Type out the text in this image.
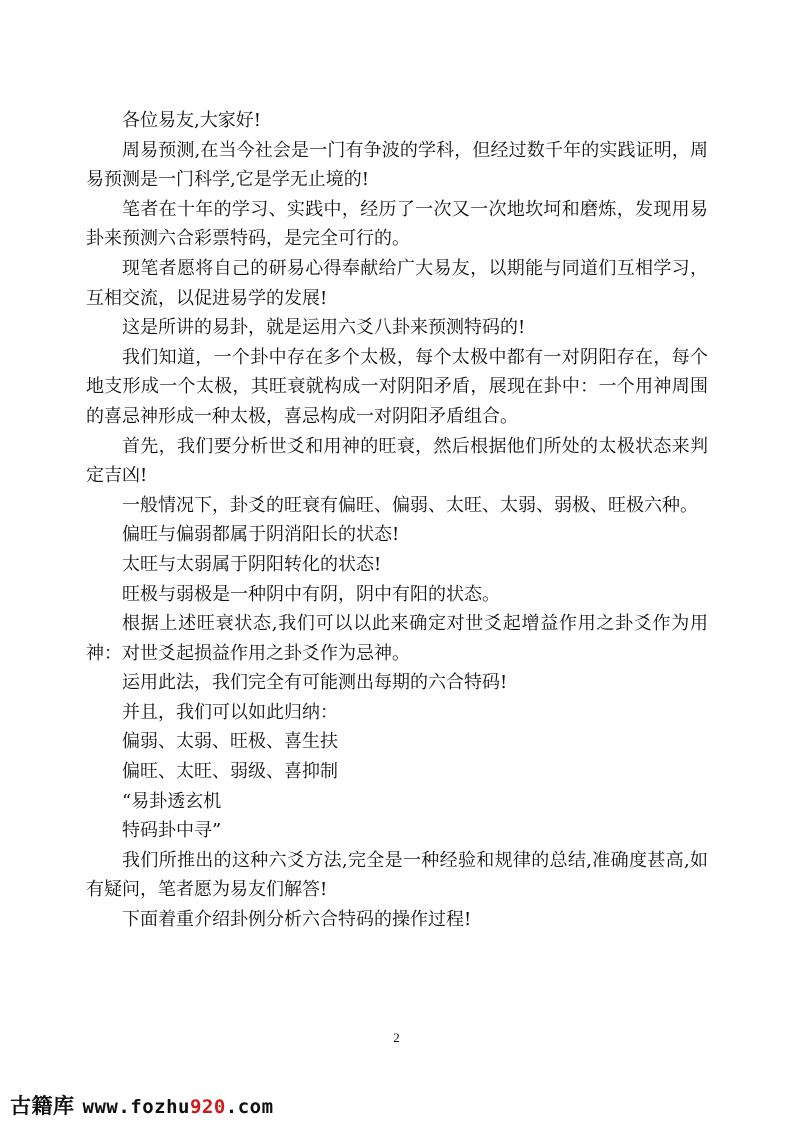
各位易友,大家好!

周易预测,在当今社会是一门有争波的学科，但经过数千年的实践证明，周易预测是一门科学,它是学无止境的!

笔者在十年的学习、实践中，经历了一次又一次地坎坷和磨炼，发现用易卦来预测六合彩票特码，是完全可行的。

现笔者愿将自己的研易心得奉献给广大易友，以期能与同道们互相学习，互相交流，以促进易学的发展!

这是所讲的易卦，就是运用六爻八卦来预测特码的!

我们知道，一个卦中存在多个太极，每个太极中都有一对阴阳存在，每个地支形成一个太极，其旺衰就构成一对阴阳矛盾，展现在卦中：一个用神周围的喜忌神形成一种太极，喜忌构成一对阴阳矛盾组合。

首先，我们要分析世爻和用神的旺衰，然后根据他们所处的太极状态来判定吉凶!

一般情况下，卦爻的旺衰有偏旺、偏弱、太旺、太弱、弱极、旺极六种。

偏旺与偏弱都属于阴消阳长的状态!

太旺与太弱属于阴阳转化的状态!

旺极与弱极是一种阴中有阴，阴中有阳的状态。

根据上述旺衰状态,我们可以以此来确定对世爻起增益作用之卦爻作为用神：对世爻起损益作用之卦爻作为忌神。

运用此法，我们完全有可能测出每期的六合特码!

并且，我们可以如此归纳：

偏弱、太弱、旺极、喜生扶

偏旺、太旺、弱级、喜抑制

“易卦透玄机

特码卦中寻”

我们所推出的这种六爻方法,完全是一种经验和规律的总结,准确度甚高,如有疑问，笔者愿为易友们解答!

下面着重介绍卦例分析六合特码的操作过程!

2
古籍库 www.fozhu920.com
